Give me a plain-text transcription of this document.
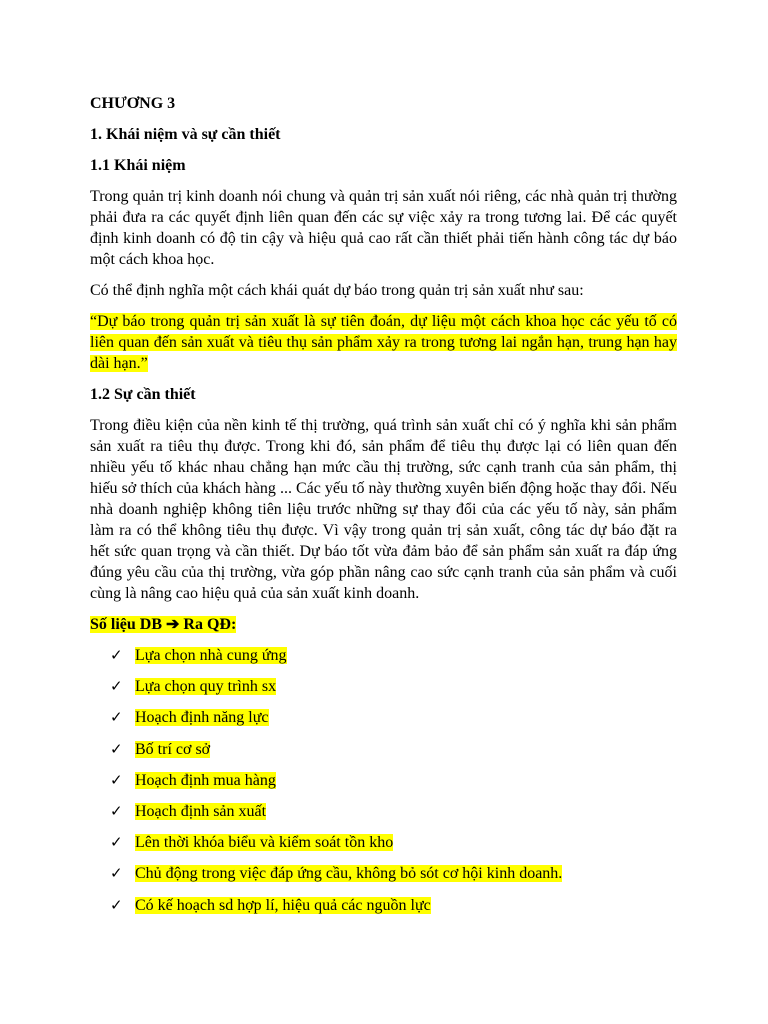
CHƯƠNG 3
1. Khái niệm và sự cần thiết
1.1 Khái niệm

Trong quản trị kinh doanh nói chung và quản trị sản xuất nói riêng, các nhà quản trị thường phải đưa ra các quyết định liên quan đến các sự việc xảy ra trong tương lai. Để các quyết định kinh doanh có độ tin cậy và hiệu quả cao rất cần thiết phải tiến hành công tác dự báo một cách khoa học.

Có thể định nghĩa một cách khái quát dự báo trong quản trị sản xuất như sau:

“Dự báo trong quản trị sản xuất là sự tiên đoán, dự liệu một cách khoa học các yếu tố có liên quan đến sản xuất và tiêu thụ sản phẩm xảy ra trong tương lai ngắn hạn, trung hạn hay dài hạn.”

1.2 Sự cần thiết

Trong điều kiện của nền kinh tế thị trường, quá trình sản xuất chỉ có ý nghĩa khi sản phẩm sản xuất ra tiêu thụ được. Trong khi đó, sản phẩm để tiêu thụ được lại có liên quan đến nhiều yếu tố khác nhau chẳng hạn mức cầu thị trường, sức cạnh tranh của sản phẩm, thị hiếu sở thích của khách hàng ... Các yếu tố này thường xuyên biến động hoặc thay đổi. Nếu nhà doanh nghiệp không tiên liệu trước những sự thay đổi của các yếu tố này, sản phẩm làm ra có thể không tiêu thụ được. Vì vậy trong quản trị sản xuất, công tác dự báo đặt ra hết sức quan trọng và cần thiết. Dự báo tốt vừa đảm bảo để sản phẩm sản xuất ra đáp ứng đúng yêu cầu của thị trường, vừa góp phần nâng cao sức cạnh tranh của sản phẩm và cuối cùng là nâng cao hiệu quả của sản xuất kinh doanh.

Số liệu DB ➔ Ra QĐ:
✓ Lựa chọn nhà cung ứng
✓ Lựa chọn quy trình sx
✓ Hoạch định năng lực
✓ Bố trí cơ sở
✓ Hoạch định mua hàng
✓ Hoạch định sản xuất
✓ Lên thời khóa biểu và kiểm soát tồn kho
✓ Chủ động trong việc đáp ứng cầu, không bỏ sót cơ hội kinh doanh.
✓ Có kế hoạch sd hợp lí, hiệu quả các nguồn lực
